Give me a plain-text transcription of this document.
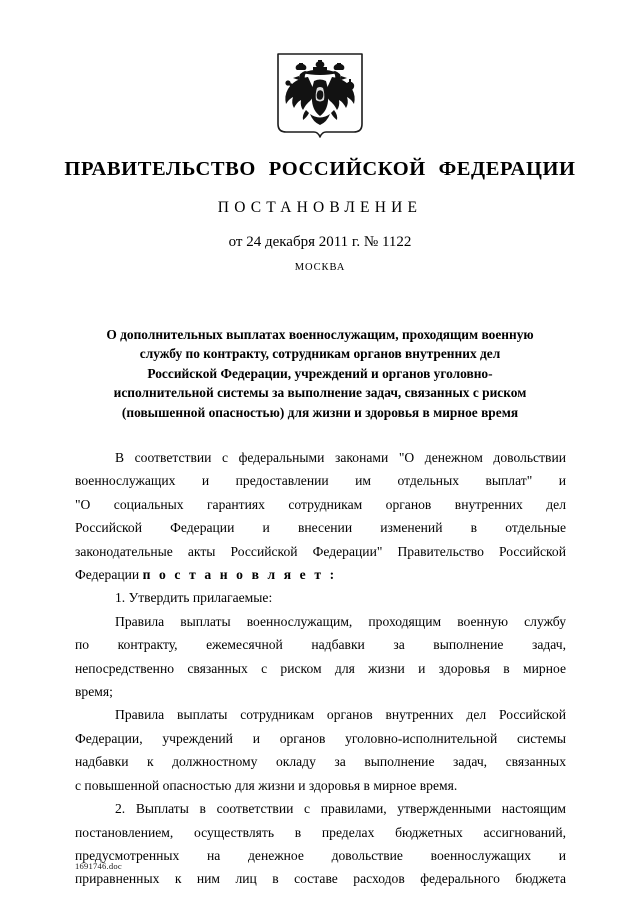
ПРАВИТЕЛЬСТВО РОССИЙСКОЙ ФЕДЕРАЦИИ
ПОСТАНОВЛЕНИЕ
от 24 декабря 2011 г. № 1122
МОСКВА
О дополнительных выплатах военнослужащим, проходящим военную
службу по контракту, сотрудникам органов внутренних дел
Российской Федерации, учреждений и органов уголовно-
исполнительной системы за выполнение задач, связанных с риском
(повышенной опасностью) для жизни и здоровья в мирное время

В соответствии с федеральными законами "О денежном довольствии
военнослужащих и предоставлении им отдельных выплат" и
"О социальных гарантиях сотрудникам органов внутренних дел
Российской Федерации и внесении изменений в отдельные
законодательные акты Российской Федерации" Правительство Российской
Федерации п о с т а н о в л я е т :

1. Утвердить прилагаемые:

Правила выплаты военнослужащим, проходящим военную службу
по контракту, ежемесячной надбавки за выполнение задач,
непосредственно связанных с риском для жизни и здоровья в мирное
время;

Правила выплаты сотрудникам органов внутренних дел Российской
Федерации, учреждений и органов уголовно-исполнительной системы
надбавки к должностному окладу за выполнение задач, связанных
с повышенной опасностью для жизни и здоровья в мирное время.

2. Выплаты в соответствии с правилами, утвержденными настоящим
постановлением, осуществлять в пределах бюджетных ассигнований,
предусмотренных на денежное довольствие военнослужащих и
приравненных к ним лиц в составе расходов федерального бюджета

1691746.doc
